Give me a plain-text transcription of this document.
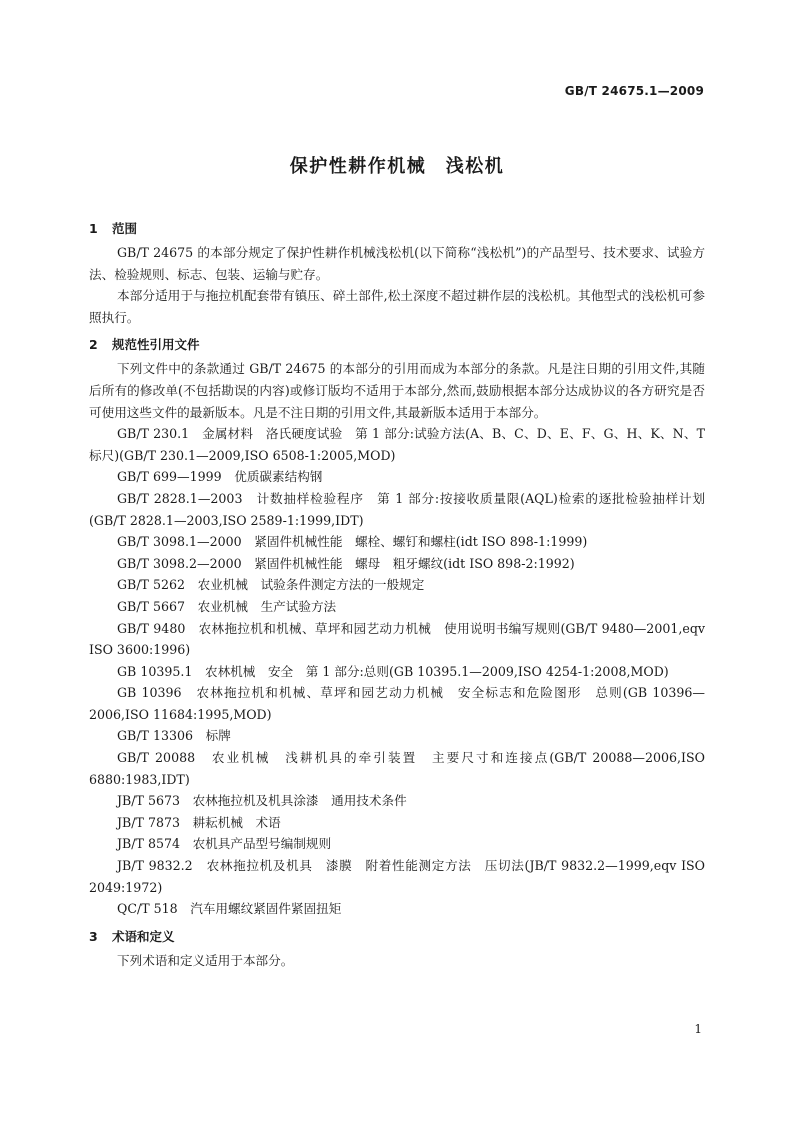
GB/T 24675.1—2009
保护性耕作机械　浅松机
1 范围

GB/T 24675 的本部分规定了保护性耕作机械浅松机(以下简称“浅松机”)的产品型号、技术要求、试验方法、检验规则、标志、包装、运输与贮存。

本部分适用于与拖拉机配套带有镇压、碎土部件,松土深度不超过耕作层的浅松机。其他型式的浅松机可参照执行。

2 规范性引用文件

下列文件中的条款通过 GB/T 24675 的本部分的引用而成为本部分的条款。凡是注日期的引用文件,其随后所有的修改单(不包括勘误的内容)或修订版均不适用于本部分,然而,鼓励根据本部分达成协议的各方研究是否可使用这些文件的最新版本。凡是不注日期的引用文件,其最新版本适用于本部分。

GB/T 230.1　金属材料　洛氏硬度试验　第 1 部分:试验方法(A、B、C、D、E、F、G、H、K、N、T 标尺)(GB/T 230.1—2009,ISO 6508-1:2005,MOD)

GB/T 699—1999　优质碳素结构钢

GB/T 2828.1—2003　计数抽样检验程序　第 1 部分:按接收质量限(AQL)检索的逐批检验抽样计划(GB/T 2828.1—2003,ISO 2589-1:1999,IDT)

GB/T 3098.1—2000　紧固件机械性能　螺栓、螺钉和螺柱(idt ISO 898-1:1999)

GB/T 3098.2—2000　紧固件机械性能　螺母　粗牙螺纹(idt ISO 898-2:1992)

GB/T 5262　农业机械　试验条件测定方法的一般规定

GB/T 5667　农业机械　生产试验方法

GB/T 9480　农林拖拉机和机械、草坪和园艺动力机械　使用说明书编写规则(GB/T 9480—2001,eqv ISO 3600:1996)

GB 10395.1　农林机械　安全　第 1 部分:总则(GB 10395.1—2009,ISO 4254-1:2008,MOD)

GB 10396　农林拖拉机和机械、草坪和园艺动力机械　安全标志和危险图形　总则(GB 10396—2006,ISO 11684:1995,MOD)

GB/T 13306　标牌

GB/T 20088　农业机械　浅耕机具的牵引装置　主要尺寸和连接点(GB/T 20088—2006,ISO 6880:1983,IDT)

JB/T 5673　农林拖拉机及机具涂漆　通用技术条件

JB/T 7873　耕耘机械　术语

JB/T 8574　农机具产品型号编制规则

JB/T 9832.2　农林拖拉机及机具　漆膜　附着性能测定方法　压切法(JB/T 9832.2—1999,eqv ISO 2049:1972)

QC/T 518　汽车用螺纹紧固件紧固扭矩

3 术语和定义

下列术语和定义适用于本部分。

1
